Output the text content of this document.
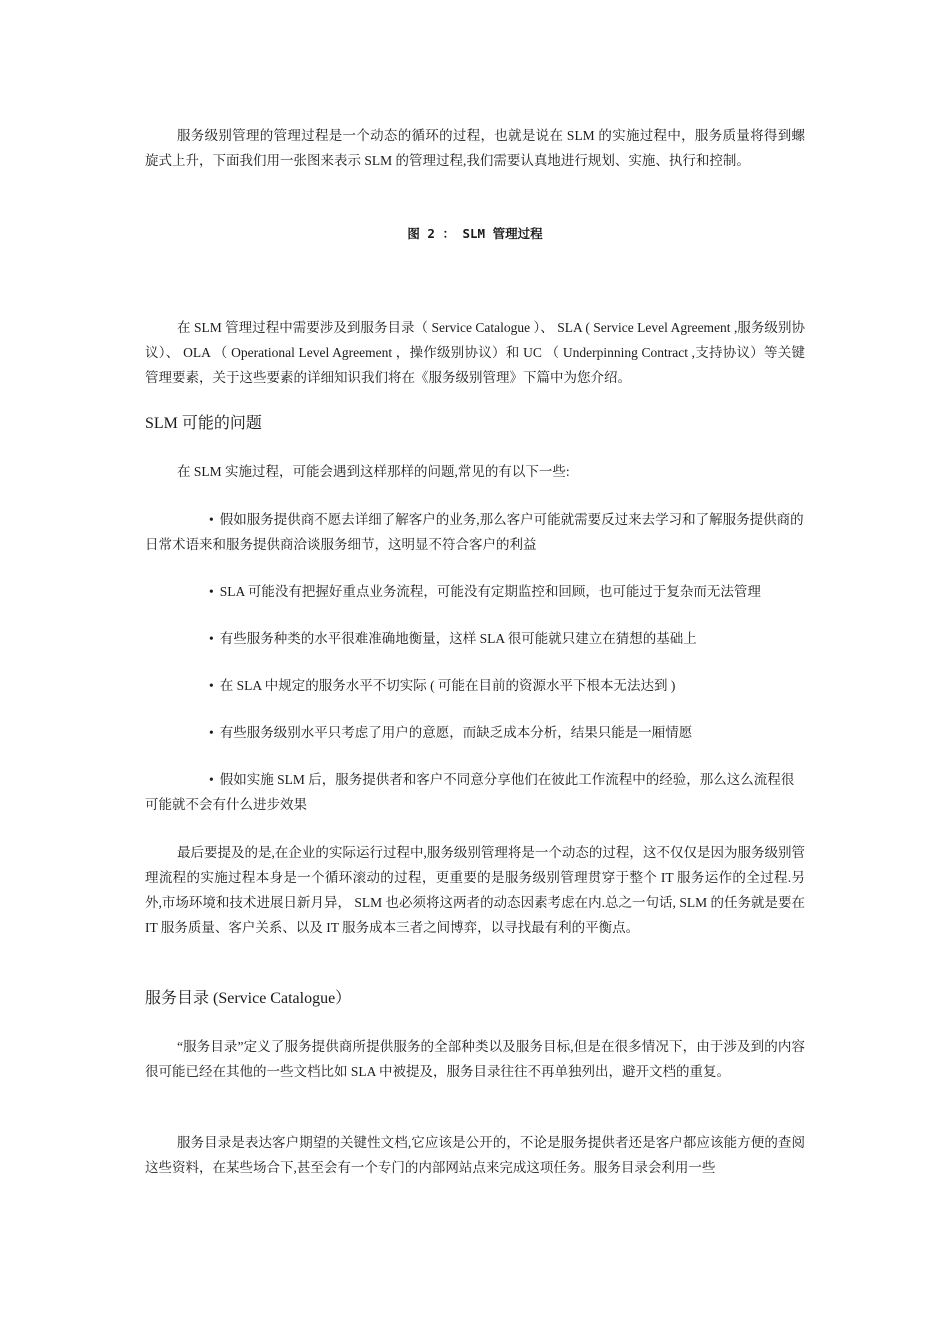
服务级别管理的管理过程是一个动态的循环的过程，也就是说在 SLM 的实施过程中，服务质量将得到螺旋式上升，下面我们用一张图来表示 SLM 的管理过程,我们需要认真地进行规划、实施、执行和控制。

图 2 ： SLM 管理过程

在 SLM 管理过程中需要涉及到服务目录（ Service Catalogue ）、 SLA ( Service Level Agreement ,服务级别协议）、 OLA （ Operational Level Agreement ，操作级别协议）和 UC （ Underpinning Contract ,支持协议）等关键管理要素，关于这些要素的详细知识我们将在《服务级别管理》下篇中为您介绍。

SLM 可能的问题

在 SLM 实施过程，可能会遇到这样那样的问题,常见的有以下一些:

• 假如服务提供商不愿去详细了解客户的业务,那么客户可能就需要反过来去学习和了解服务提供商的日常术语来和服务提供商洽谈服务细节，这明显不符合客户的利益

• SLA 可能没有把握好重点业务流程，可能没有定期监控和回顾，也可能过于复杂而无法管理

• 有些服务种类的水平很难准确地衡量，这样 SLA 很可能就只建立在猜想的基础上

• 在 SLA 中规定的服务水平不切实际 ( 可能在目前的资源水平下根本无法达到 )

• 有些服务级别水平只考虑了用户的意愿，而缺乏成本分析，结果只能是一厢情愿

• 假如实施 SLM 后，服务提供者和客户不同意分享他们在彼此工作流程中的经验，那么这么流程很可能就不会有什么进步效果

最后要提及的是,在企业的实际运行过程中,服务级别管理将是一个动态的过程，这不仅仅是因为服务级别管理流程的实施过程本身是一个循环滚动的过程，更重要的是服务级别管理贯穿于整个 IT 服务运作的全过程.另外,市场环境和技术进展日新月异， SLM 也必须将这两者的动态因素考虑在内.总之一句话, SLM 的任务就是要在 IT 服务质量、客户关系、以及 IT 服务成本三者之间博弈，以寻找最有利的平衡点。

服务目录 (Service Catalogue）

“服务目录”定义了服务提供商所提供服务的全部种类以及服务目标,但是在很多情况下，由于涉及到的内容很可能已经在其他的一些文档比如 SLA 中被提及，服务目录往往不再单独列出，避开文档的重复。

服务目录是表达客户期望的关键性文档,它应该是公开的，不论是服务提供者还是客户都应该能方便的查阅这些资料，在某些场合下,甚至会有一个专门的内部网站点来完成这项任务。服务目录会利用一些
